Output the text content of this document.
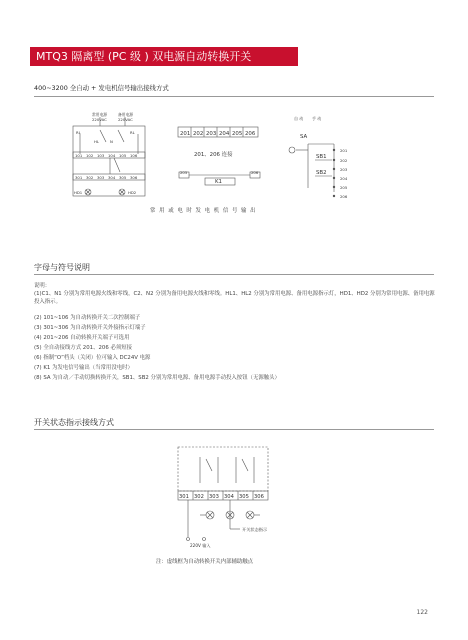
MTQ3 隔离型 (PC 级 ) 双电源自动转换开关
400~3200 全自动 + 发电机信号输出接线方式
常用电源	备用电源
220VAC	220VAC
RL	RL
HL	N
101 102 103 104 105 106
301 302 303 304 305 306
HD1	HD2
205	206
201
202
203
204
205
206
201 202 203 204 205 206
201、206 连接
K1
常 用 或 电 时 发 电 机 信 号 输 出
SA
SB1
SB2
自 动 手 动
字母与符号说明
说明：
(1)C1、N1 分别为常用电源火线和零线，C2、N2 分别为备用电源火线和零线。HL1、HL2 分别为常用电源、备用电源指示灯，HD1、HD2 分别为常用电源、备用电源投入指示。
(2) 101~106 为自动转换开关二次控制端子
(3) 301~306 为自动转换开关外接指示灯端子
(4) 201~206 自动转换开关端子可选用
(5) 全自动接线方式 201、206 必须短接
(6) 指制“O”档头（关闭）位可输入 DC24V 电源
(7) K1 为发电信号输出（当常用没电时）
(8) SA 为自动／手动切换转换开关，SB1、SB2 分别为常用电源、备用电源手动投入按钮（无源触头）
开关状态指示接线方式
301 302 303 304 305 306
开关状态指示
220V 输入
注：虚线框为自动转换开关内部辅助触点
122
